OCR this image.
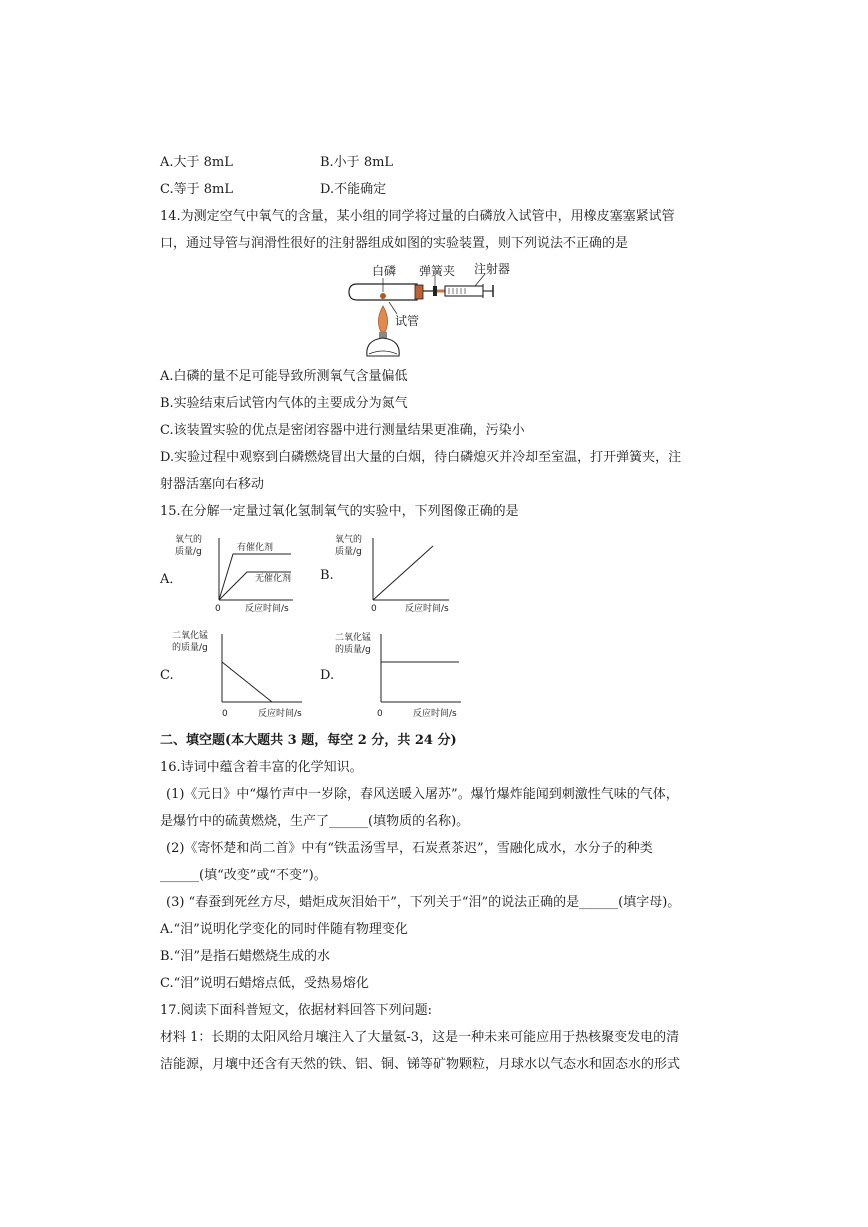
A.大于 8mL	B.小于 8mL
C.等于 8mL	D.不能确定
14.为测定空气中氧气的含量，某小组的同学将过量的白磷放入试管中，用橡皮塞塞紧试管
口，通过导管与润滑性很好的注射器组成如图的实验装置，则下列说法不正确的是
白磷 弹簧夹 注射器
试管
A.白磷的量不足可能导致所测氧气含量偏低
B.实验结束后试管内气体的主要成分为氮气
C.该装置实验的优点是密闭容器中进行测量结果更准确，污染小
D.实验过程中观察到白磷燃烧冒出大量的白烟，待白磷熄灭并冷却至室温，打开弹簧夹，注
射器活塞向右移动
15.在分解一定量过氧化氢制氧气的实验中，下列图像正确的是
A．
氧气的
质量/g	有催化剂
无催化剂
0	反应时间/s
B.
氧气的
质量/g
0	反应时间/s
C.
二氧化锰
的质量/g
0	反应时间/s
D.
二氧化锰
的质量/g
0	反应时间/s
二、填空题(本大题共 3 题，每空 2 分，共 24 分)
16.诗词中蕴含着丰富的化学知识。
(1)《元日》中“爆竹声中一岁除，春风送暖入屠苏”。爆竹爆炸能闻到刺激性气味的气体，
是爆竹中的硫黄燃烧，生产了______(填物质的名称)。
(2)《寄怀楚和尚二首》中有“铁盂汤雪早，石炭煮茶迟”，雪融化成水，水分子的种类
______(填“改变”或“不变”)。
(3) “春蚕到死丝方尽，蜡炬成灰泪始干”，下列关于“泪”的说法正确的是______(填字母)。
A.“泪”说明化学变化的同时伴随有物理变化
B.“泪”是指石蜡燃烧生成的水
C.“泪”说明石蜡熔点低，受热易熔化
17.阅读下面科普短文，依据材料回答下列问题:
材料 1：长期的太阳风给月壤注入了大量氦-3，这是一种未来可能应用于热核聚变发电的清
洁能源，月壤中还含有天然的铁、铝、铜、锑等矿物颗粒，月球水以气态水和固态水的形式
